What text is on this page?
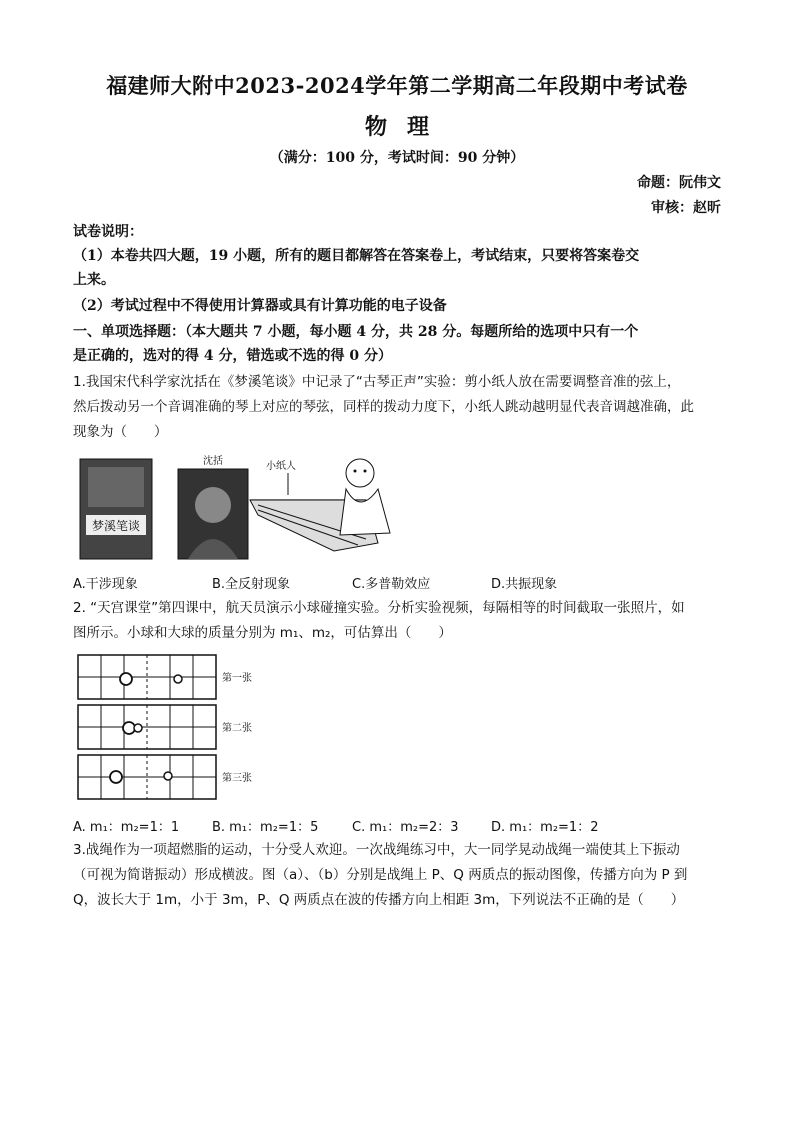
福建师大附中2023-2024学年第二学期高二年段期中考试卷
物理
（满分：100 分，考试时间：90 分钟）
命题：阮伟文
审核：赵昕
试卷说明：
（1）本卷共四大题，19 小题，所有的题目都解答在答案卷上，考试结束，只要将答案卷交
上来。
（2）考试过程中不得使用计算器或具有计算功能的电子设备
一、单项选择题：（本大题共 7 小题，每小题 4 分，共 28 分。每题所给的选项中只有一个
是正确的，选对的得 4 分，错选或不选的得 0 分）
1.我国宋代科学家沈括在《梦溪笔谈》中记录了“古琴正声”实验：剪小纸人放在需要调整音准的弦上，
然后拨动另一个音调准确的琴上对应的琴弦，同样的拨动力度下，小纸人跳动越明显代表音调越准确，此
现象为（　　）
梦溪笔谈
沈括	小纸人
A.干涉现象	B.全反射现象	C.多普勒效应	D.共振现象
2. “天宫课堂”第四课中，航天员演示小球碰撞实验。分析实验视频，每隔相等的时间截取一张照片，如
图所示。小球和大球的质量分别为 m₁、m₂，可估算出（　　）
第一张
第二张
第三张
A. m₁：m₂=1：1	B. m₁：m₂=1：5	C. m₁：m₂=2：3 D. m₁：m₂=1：2
3.战绳作为一项超燃脂的运动，十分受人欢迎。一次战绳练习中，大一同学晃动战绳一端使其上下振动
（可视为简谐振动）形成横波。图（a）、（b）分别是战绳上 P、Q 两质点的振动图像，传播方向为 P 到
Q，波长大于 1m，小于 3m，P、Q 两质点在波的传播方向上相距 3m，下列说法不正确的是（　　）
